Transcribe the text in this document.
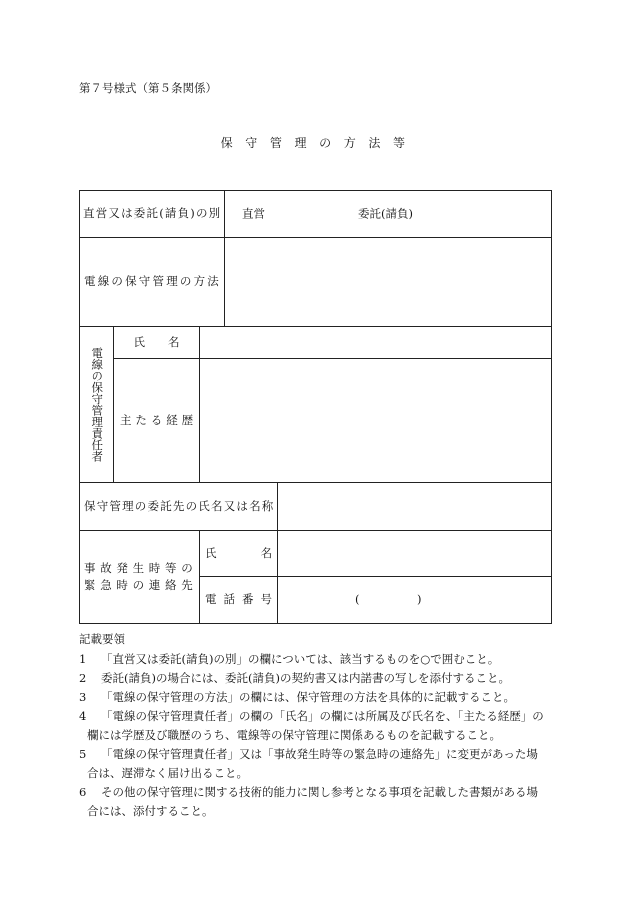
第７号様式（第５条関係）
保 守 管 理 の 方 法 等
直営又は委託(請負)の別 直営	委託(請負)
電線の保守管理の方法
電線の保守管理責任者
氏　　名
主たる経歴
保守管理の委託先の氏名又は名称
事故発生時等の
緊急時の連絡先
氏　　　名
電話番号	(　　　　　)
記載要領
1 「直営又は委託(請負)の別」の欄については、該当するものを○で囲むこと。
2 委託(請負)の場合には、委託(請負)の契約書又は内諾書の写しを添付すること。
3 「電線の保守管理の方法」の欄には、保守管理の方法を具体的に記載すること。
4 「電線の保守管理責任者」の欄の「氏名」の欄には所属及び氏名を、「主たる経歴」の
欄には学歴及び職歴のうち、電線等の保守管理に関係あるものを記載すること。
5 「電線の保守管理責任者」又は「事故発生時等の緊急時の連絡先」に変更があった場
合は、遅滞なく届け出ること。
6 その他の保守管理に関する技術的能力に関し参考となる事項を記載した書類がある場
合には、添付すること。
